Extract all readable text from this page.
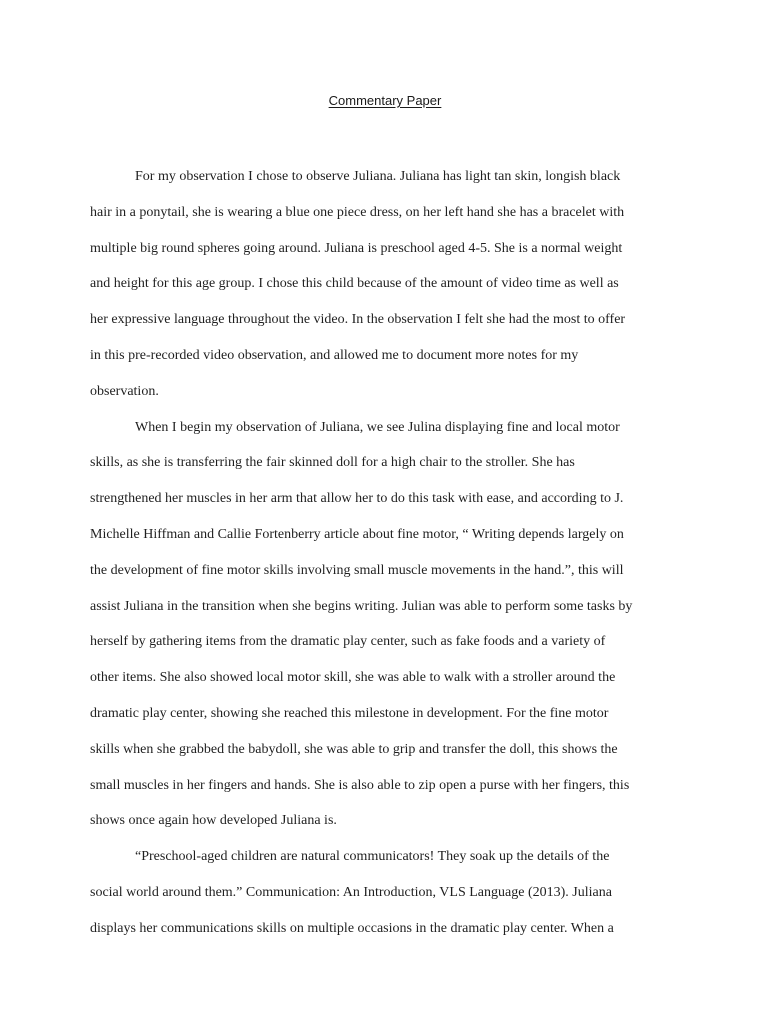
Commentary Paper
For my observation I chose to observe Juliana. Juliana has light tan skin, longish black
hair in a ponytail, she is wearing a blue one piece dress, on her left hand she has a bracelet with
multiple big round spheres going around. Juliana is preschool aged 4-5. She is a normal weight
and height for this age group. I chose this child because of the amount of video time as well as
her expressive language throughout the video. In the observation I felt she had the most to offer
in this pre-recorded video observation, and allowed me to document more notes for my
observation.
When I begin my observation of Juliana, we see Julina displaying fine and local motor
skills, as she is transferring the fair skinned doll for a high chair to the stroller. She has
strengthened her muscles in her arm that allow her to do this task with ease, and according to J.
Michelle Hiffman and Callie Fortenberry article about fine motor, “ Writing depends largely on
the development of fine motor skills involving small muscle movements in the hand.”, this will
assist Juliana in the transition when she begins writing. Julian was able to perform some tasks by
herself by gathering items from the dramatic play center, such as fake foods and a variety of
other items. She also showed local motor skill, she was able to walk with a stroller around the
dramatic play center, showing she reached this milestone in development. For the fine motor
skills when she grabbed the babydoll, she was able to grip and transfer the doll, this shows the
small muscles in her fingers and hands. She is also able to zip open a purse with her fingers, this
shows once again how developed Juliana is.
“Preschool-aged children are natural communicators! They soak up the details of the
social world around them.” Communication: An Introduction, VLS Language (2013). Juliana
displays her communications skills on multiple occasions in the dramatic play center. When a
